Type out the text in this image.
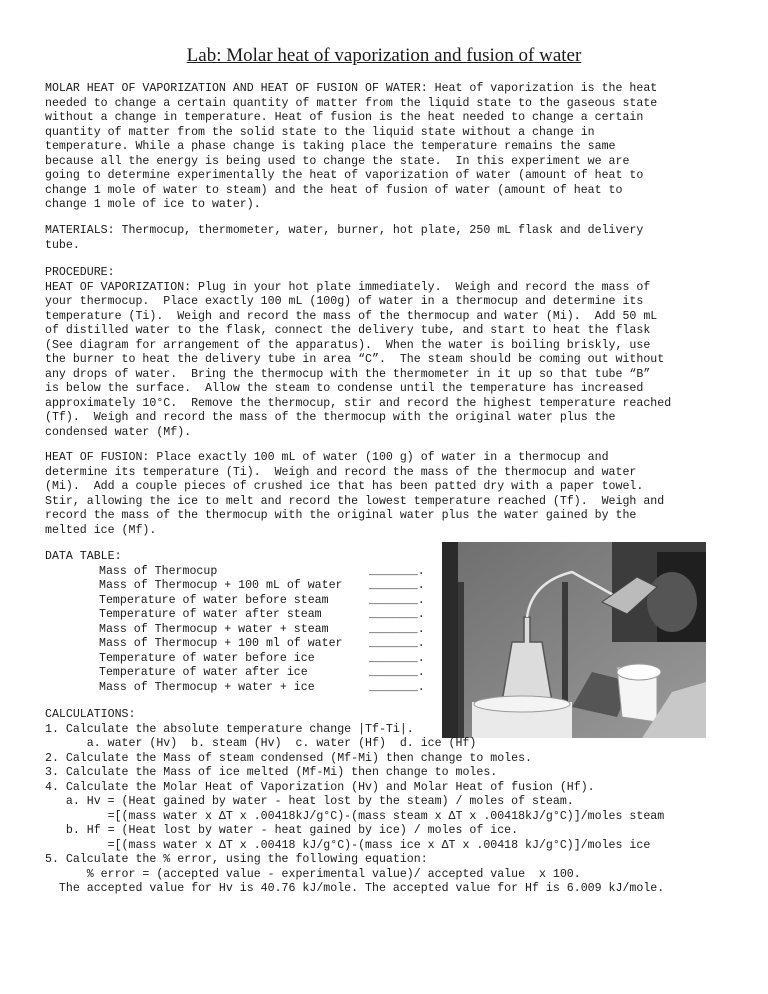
Lab: Molar heat of vaporization and fusion of water
MOLAR HEAT OF VAPORIZATION AND HEAT OF FUSION OF WATER: Heat of vaporization is the heat
needed to change a certain quantity of matter from the liquid state to the gaseous state
without a change in temperature. Heat of fusion is the heat needed to change a certain
quantity of matter from the solid state to the liquid state without a change in
temperature. While a phase change is taking place the temperature remains the same
because all the energy is being used to change the state.  In this experiment we are
going to determine experimentally the heat of vaporization of water (amount of heat to
change 1 mole of water to steam) and the heat of fusion of water (amount of heat to
change 1 mole of ice to water).
MATERIALS: Thermocup, thermometer, water, burner, hot plate, 250 mL flask and delivery
tube.
PROCEDURE:
HEAT OF VAPORIZATION: Plug in your hot plate immediately.  Weigh and record the mass of
your thermocup.  Place exactly 100 mL (100g) of water in a thermocup and determine its
temperature (Ti).  Weigh and record the mass of the thermocup and water (Mi).  Add 50 mL
of distilled water to the flask, connect the delivery tube, and start to heat the flask
(See diagram for arrangement of the apparatus).  When the water is boiling briskly, use
the burner to heat the delivery tube in area “C”.  The steam should be coming out without
any drops of water.  Bring the thermocup with the thermometer in it up so that tube “B”
is below the surface.  Allow the steam to condense until the temperature has increased
approximately 10°C.  Remove the thermocup, stir and record the highest temperature reached
(Tf).  Weigh and record the mass of the thermocup with the original water plus the
condensed water (Mf).
HEAT OF FUSION: Place exactly 100 mL of water (100 g) of water in a thermocup and
determine its temperature (Ti).  Weigh and record the mass of the thermocup and water
(Mi).  Add a couple pieces of crushed ice that has been patted dry with a paper towel.
Stir, allowing the ice to melt and record the lowest temperature reached (Tf).  Weigh and
record the mass of the thermocup with the original water plus the water gained by the
melted ice (Mf).
DATA TABLE:
Mass of Thermocup	_______.
Mass of Thermocup + 100 mL of water _______.
Temperature of water before steam	_______.
Temperature of water after steam	_______.
Mass of Thermocup + water + steam	_______.
Mass of Thermocup + 100 ml of water _______.
Temperature of water before ice	_______.
Temperature of water after ice	_______.
Mass of Thermocup + water + ice	_______.
CALCULATIONS:
1. Calculate the absolute temperature change |Tf-Ti|.
a. water (Hv)  b. steam (Hv)  c. water (Hf)  d. ice (Hf)
2. Calculate the Mass of steam condensed (Mf-Mi) then change to moles.
3. Calculate the Mass of ice melted (Mf-Mi) then change to moles.
4. Calculate the Molar Heat of Vaporization (Hv) and Molar Heat of fusion (Hf).
a. Hv = (Heat gained by water - heat lost by the steam) / moles of steam.
=[(mass water x ΔT x .00418kJ/g°C)-(mass steam x ΔT x .00418kJ/g°C)]/moles steam
b. Hf = (Heat lost by water - heat gained by ice) / moles of ice.
=[(mass water x ΔT x .00418 kJ/g°C)-(mass ice x ΔT x .00418 kJ/g°C)]/moles ice
5. Calculate the % error, using the following equation:
% error = (accepted value - experimental value)/ accepted value  x 100.
The accepted value for Hv is 40.76 kJ/mole. The accepted value for Hf is 6.009 kJ/mole.
